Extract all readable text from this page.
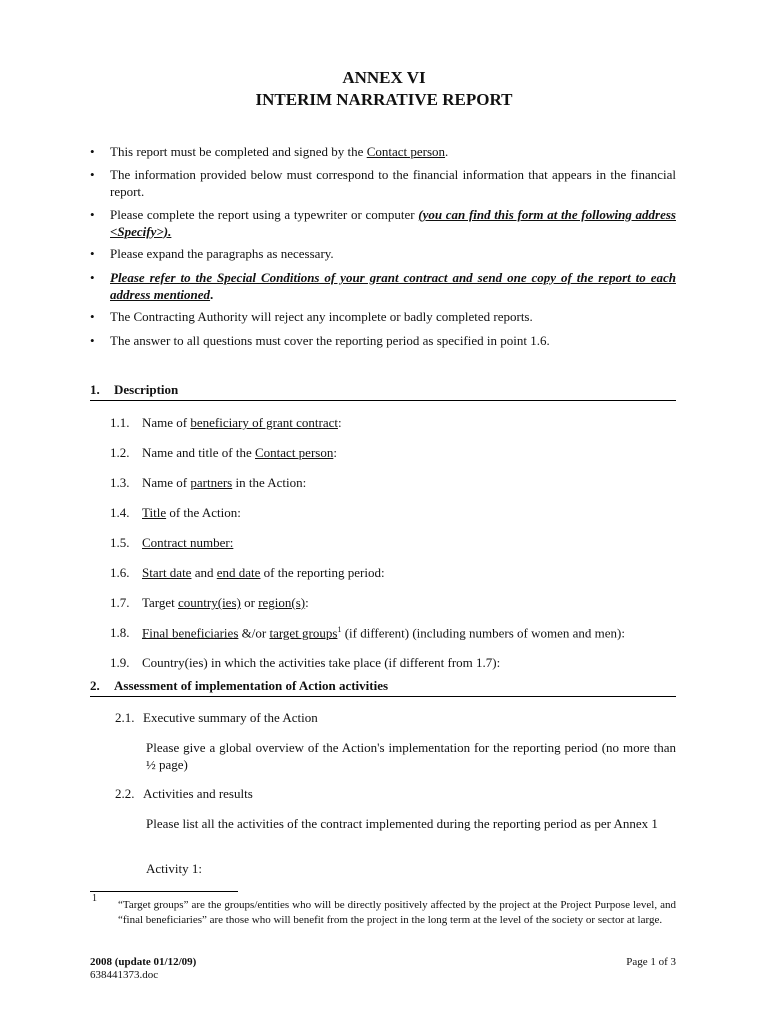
ANNEX VI
INTERIM NARRATIVE REPORT
• This report must be completed and signed by the Contact person.
• The information provided below must correspond to the financial information that appears in the financial report.
• Please complete the report using a typewriter or computer (you can find this form at the following address <Specify>).
• Please expand the paragraphs as necessary.
• Please refer to the Special Conditions of your grant contract and send one copy of the report to each address mentioned.
• The Contracting Authority will reject any incomplete or badly completed reports.
• The answer to all questions must cover the reporting period as specified in point 1.6.
1. Description
1.1. Name of beneficiary of grant contract:
1.2. Name and title of the Contact person:
1.3. Name of partners in the Action:
1.4. Title of the Action:
1.5. Contract number:
1.6. Start date and end date of the reporting period:
1.7. Target country(ies) or region(s):
1.8. Final beneficiaries &/or target groups$^1$ (if different) (including numbers of women and men):
1.9. Country(ies) in which the activities take place (if different from 1.7):
2. Assessment of implementation of Action activities
2.1. Executive summary of the Action
Please give a global overview of the Action's implementation for the reporting period (no more than ½ page)
2.2. Activities and results
Please list all the activities of the contract implemented during the reporting period as per Annex 1
Activity 1:
1
“Target groups” are the groups/entities who will be directly positively affected by the project at the Project Purpose level, and “final beneficiaries” are those who will benefit from the project in the long term at the level of the society or sector at large.
2008 (update 01/12/09)
638441373.doc
Page 1 of 3
